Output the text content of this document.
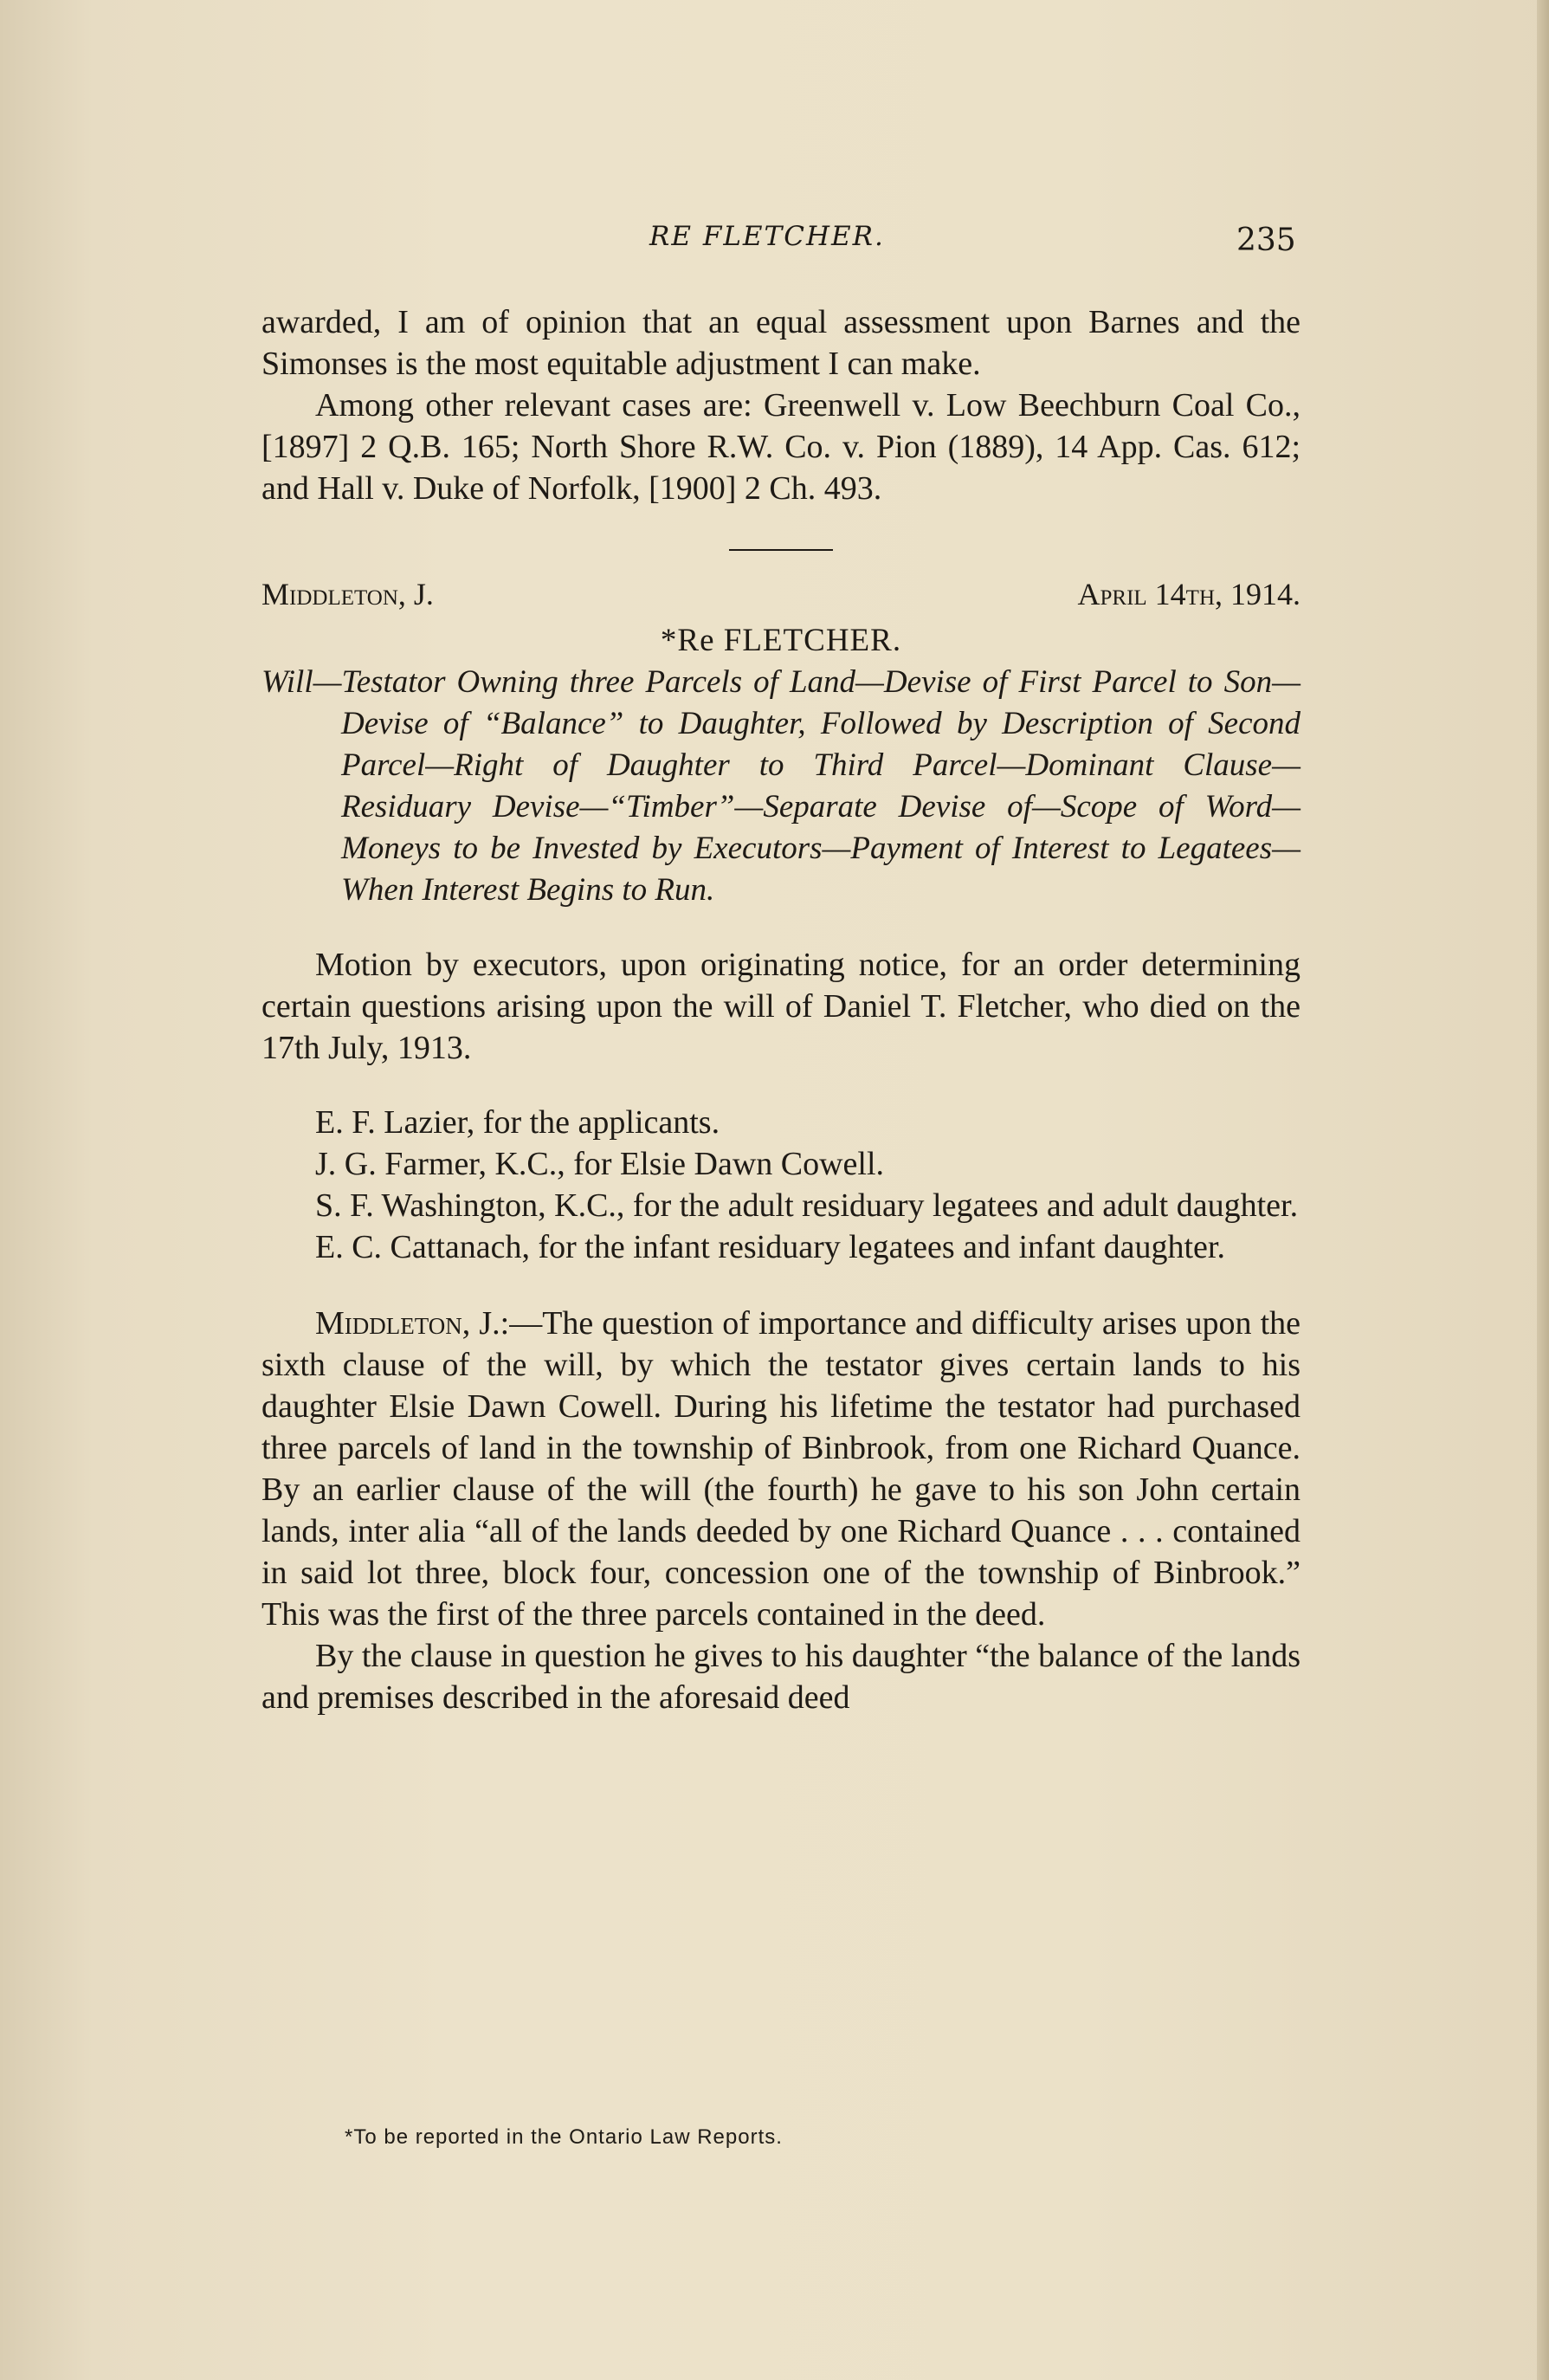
RE FLETCHER.	235

awarded, I am of opinion that an equal assessment upon Barnes and the Simonses is the most equitable adjustment I can make.

Among other relevant cases are: Greenwell v. Low Beechburn Coal Co., [1897] 2 Q.B. 165; North Shore R.W. Co. v. Pion (1889), 14 App. Cas. 612; and Hall v. Duke of Norfolk, [1900] 2 Ch. 493.

Middleton, J.	April 14th, 1914.
*Re FLETCHER.

Will—Testator Owning three Parcels of Land—Devise of First Parcel to Son—Devise of “Balance” to Daughter, Followed by Description of Second Parcel—Right of Daughter to Third Parcel—Dominant Clause—Residuary Devise—“Timber”—Separate Devise of—Scope of Word—Moneys to be Invested by Executors—Payment of Interest to Legatees—When Interest Begins to Run.

Motion by executors, upon originating notice, for an order determining certain questions arising upon the will of Daniel T. Fletcher, who died on the 17th July, 1913.

E. F. Lazier, for the applicants.

J. G. Farmer, K.C., for Elsie Dawn Cowell.

S. F. Washington, K.C., for the adult residuary legatees and adult daughter.

E. C. Cattanach, for the infant residuary legatees and infant daughter.

Middleton, J.:—The question of importance and difficulty arises upon the sixth clause of the will, by which the testator gives certain lands to his daughter Elsie Dawn Cowell. During his lifetime the testator had purchased three parcels of land in the township of Binbrook, from one Richard Quance. By an earlier clause of the will (the fourth) he gave to his son John certain lands, inter alia “all of the lands deeded by one Richard Quance . . . contained in said lot three, block four, concession one of the township of Binbrook.” This was the first of the three parcels contained in the deed.

By the clause in question he gives to his daughter “the balance of the lands and premises described in the aforesaid deed

*To be reported in the Ontario Law Reports.
